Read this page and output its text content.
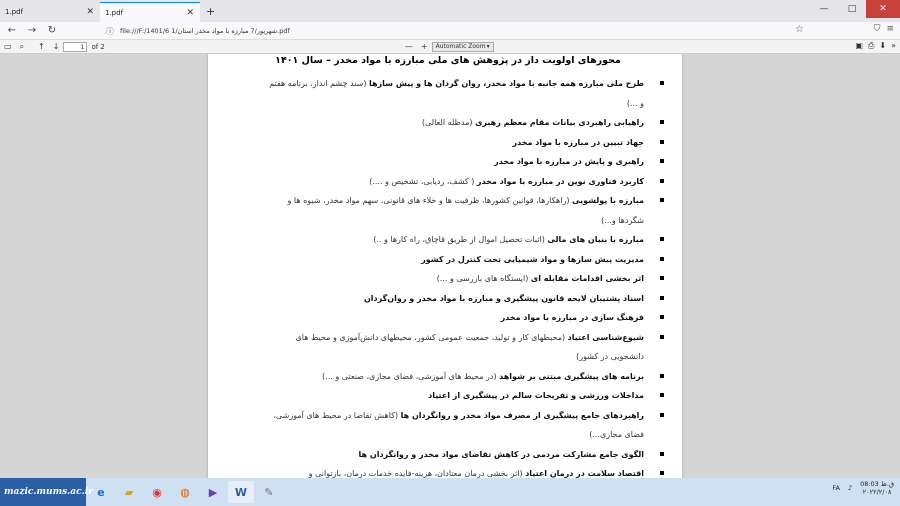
1.pdf	✕ 1.pdf	✕ +	—	□	✕
←	→	↻	ⓘ file:///F:/1401/6 1/شهریور/7 مبارزه با مواد مخدر استان.pdf	☆	⛉ ≡
▭ ⌕ ↑ ↓	1	of 2	— + Automatic Zoom ▾	▣ ⎙ ⬇ »
محورهای اولویت دار در پژوهش های ملی مبارزه با مواد مخدر – سال ۱۴۰۱
طرح ملی مبارزه همه جانبه با مواد مخدر، روان گردان ها و پیش سازها (سند چشم انداز، برنامه هفتم و ...)
راهیابی راهبردی بیانات مقام معظم رهبری (مدظله العالی)
جهاد تبیین در مبارزه با مواد مخدر
راهبری و پایش در مبارزه با مواد مخدر
کاربرد فناوری نوین در مبارزه با مواد مخدر ( کشف، ردیابی، تشخیص و ....)
مبارزه با پولشویی (راهکارها، قوانین کشورها، ظرفیت ها و خلاء های قانونی، سهم مواد مخدر، شیوه ها و شگردها و...)
مبارزه با بنیان های مالی (اثبات تحصیل اموال از طریق قاچاق، راه کارها و ..)
مدیریت پیش سازها و مواد شیمیایی تحت کنترل در کشور
اثر بخشی اقدامات مقابله ای (ایستگاه های بازرسی و ...)
اسناد پشتیبان لایحه قانون پیشگیری و مبارزه با مواد مخدر و روان‌گردان
فرهنگ سازی در مبارزه با مواد مخدر
شیوع‌شناسی اعتیاد (محیطهای کار و تولید، جمعیت عمومی کشور، محیطهای دانش‌آموزی و محیط های دانشجویی در کشور)
برنامه های پیشگیری مبتنی بر شواهد (در محیط های آموزشی، فضای مجازی، صنعتی و ...)
مداخلات ورزشی و تفریحات سالم در پیشگیری از اعتیاد
راهبردهای جامع پیشگیری از مصرف مواد مخدر و روانگردان ها (کاهش تقاضا در محیط های آموزشی، فضای مجازی...)
الگوی جامع مشارکت مردمی در کاهش تقاضای مواد مخدر و روانگردان ها
اقتصاد سلامت در درمان اعتیاد (اثر بخشی درمان معتادان، هزینه-فایده خدمات درمان، بازتوانی و
mazic.mums.ac.ir e	▰	◉	◍	▶	W	✎	FA ♪ 08:03 ق.ظ
۲۰۲۲/۲/۰۸
